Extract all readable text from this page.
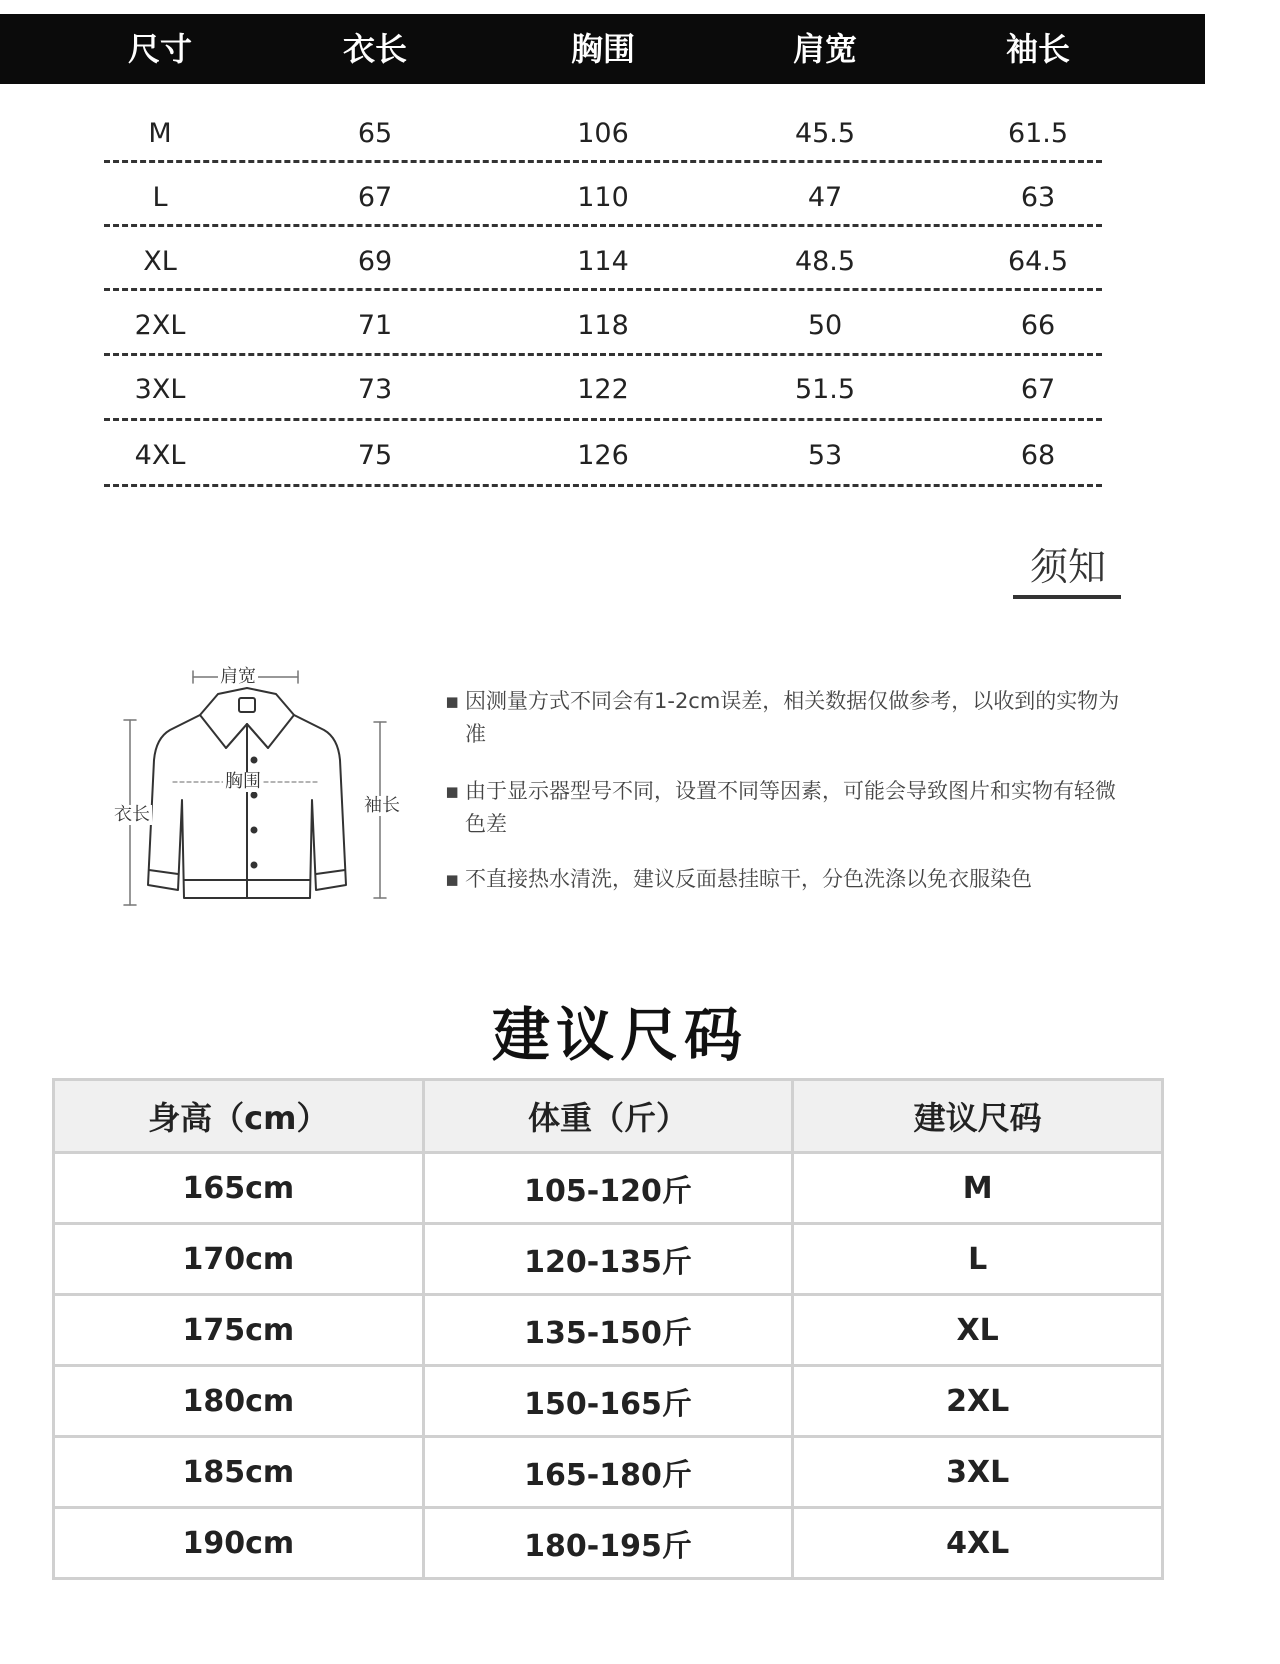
尺寸	衣长	胸围	肩宽	袖长
M	65	106	45.5	61.5
L	67	110	47	63
XL	69	114	48.5	64.5
2XL	71	118	50	66
3XL	73	122	51.5	67
4XL	75	126	53	68
须知
肩宽
胸围
衣长	袖长
▪ 因测量方式不同会有1-2cm误差，相关数据仅做参考，以收到的实物为准
▪ 由于显示器型号不同，设置不同等因素，可能会导致图片和实物有轻微色差
▪ 不直接热水清洗，建议反面悬挂晾干，分色洗涤以免衣服染色
建议尺码
身高（cm）	体重（斤）	建议尺码
165cm	105-120斤	M
170cm	120-135斤	L
175cm	135-150斤	XL
180cm	150-165斤	2XL
185cm	165-180斤	3XL
190cm	180-195斤	4XL
